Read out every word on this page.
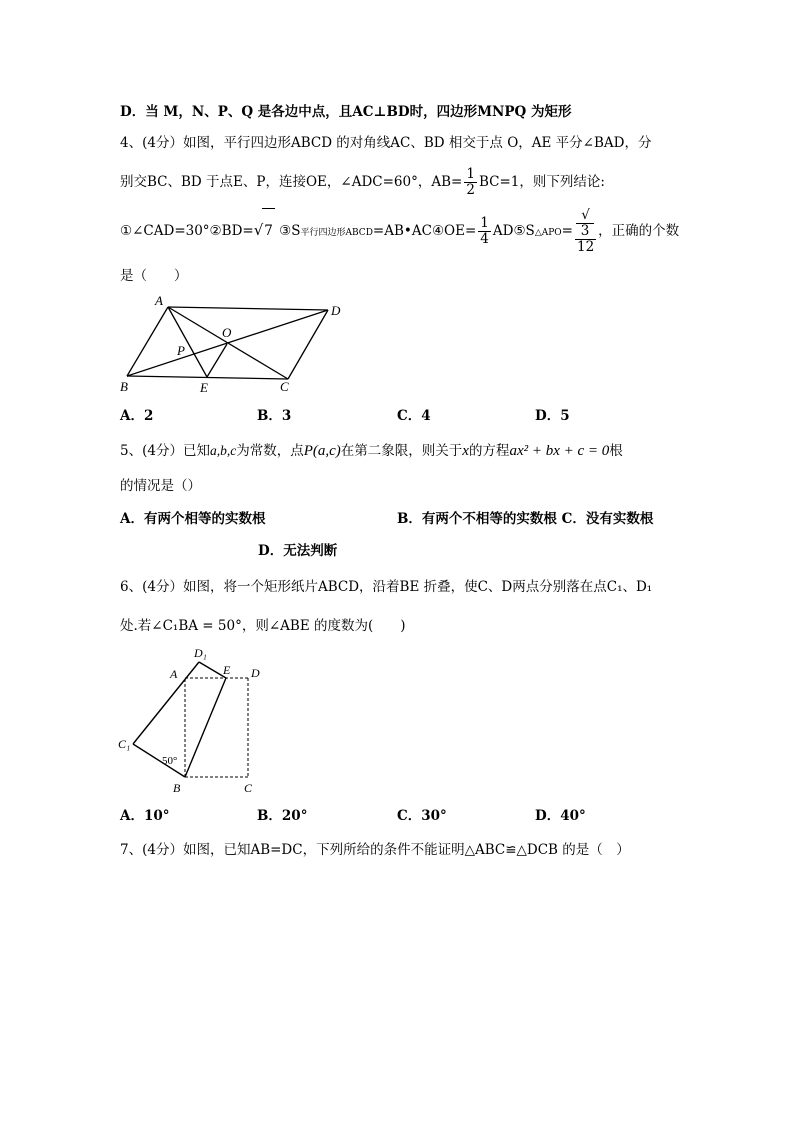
D．当 M，N、P、Q 是各边中点，且AC⊥BD时，四边形MNPQ 为矩形
4、(4分）如图，平行四边形ABCD 的对角线AC、BD 相交于点 O，AE 平分∠BAD，分
别交BC、BD 于点E、P，连接OE，∠ADC=60°，$AB= \frac{1}{2} BC=1$，则下列结论:
①∠CAD=30°②BD=√7 ③S平行四边形ABCD=AB•AC④OE= $\frac{1}{4}$ AD⑤S△APO= √
3
12 ，正确的个数
是（　　）
A
D
B	C
O
P
E
A．2	B．3	C．4	D．5
5、(4分）已知a,b,c为常数，点P(a,c)在第二象限，则关于x的方程ax² + bx + c = 0根
的情况是（）
A．有两个相等的实数根	B．有两个不相等的实数根 C．没有实数根
D．无法判断
6、(4分）如图，将一个矩形纸片ABCD，沿着BE 折叠，使C、D两点分别落在点C₁、D₁
处.若∠C₁BA = 50°，则∠ABE 的度数为(　　)
A
D₁
E D
C₁
B	C
50°
A．10°	B．20°	C．30°	D．40°
7、(4分）如图，已知AB=DC，下列所给的条件不能证明△ABC≌△DCB 的是（　）
